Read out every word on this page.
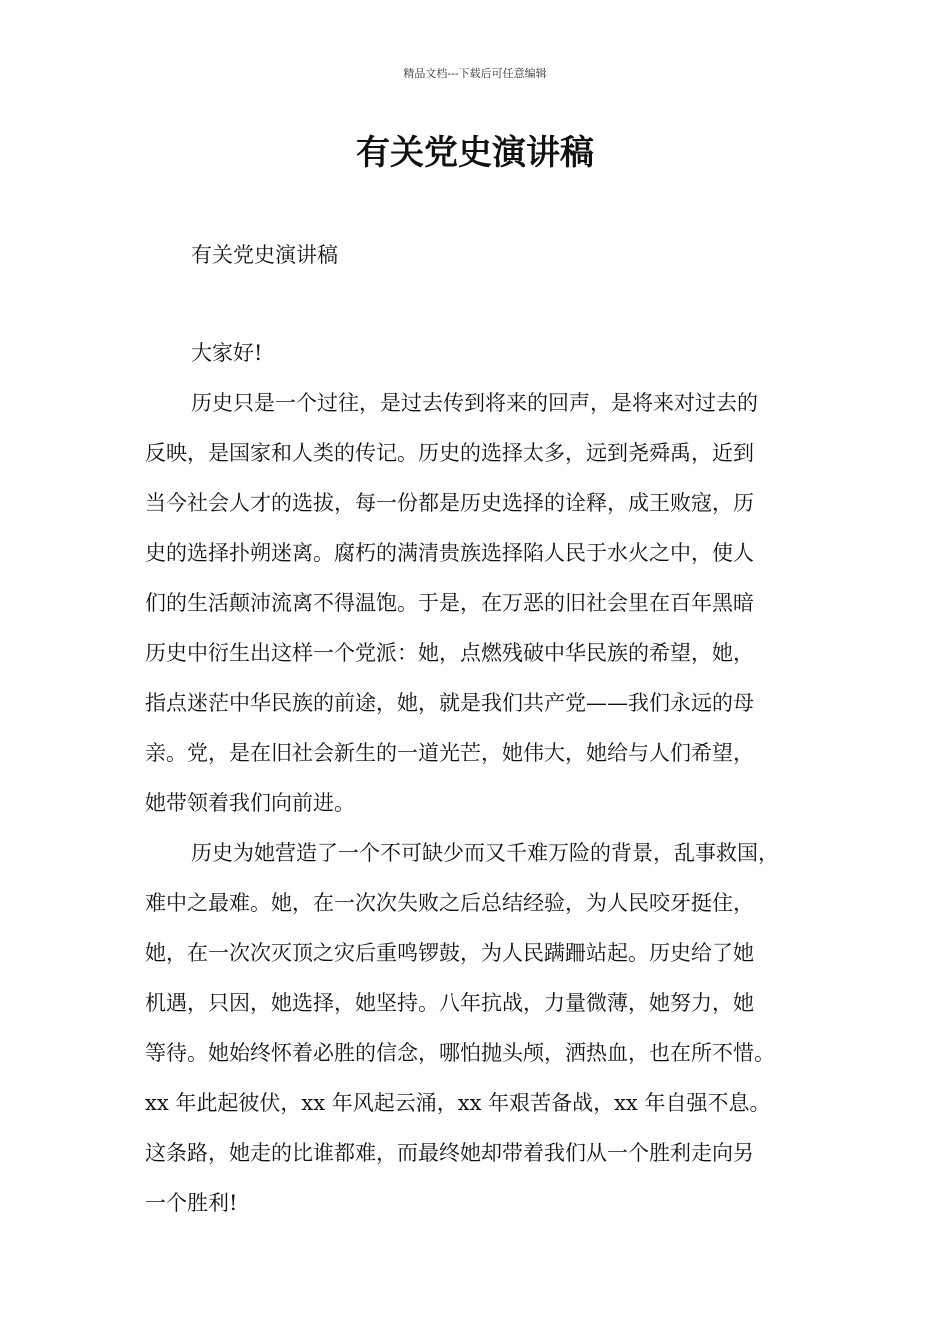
精品文档---下载后可任意编辑
有关党史演讲稿

有关党史演讲稿

大家好!

历史只是一个过往，是过去传到将来的回声，是将来对过去的
反映，是国家和人类的传记。历史的选择太多，远到尧舜禹，近到
当今社会人才的选拔，每一份都是历史选择的诠释，成王败寇，历
史的选择扑朔迷离。腐朽的满清贵族选择陷人民于水火之中，使人
们的生活颠沛流离不得温饱。于是，在万恶的旧社会里在百年黑暗
历史中衍生出这样一个党派：她，点燃残破中华民族的希望，她，
指点迷茫中华民族的前途，她，就是我们共产党——我们永远的母
亲。党，是在旧社会新生的一道光芒，她伟大，她给与人们希望，
她带领着我们向前进。

历史为她营造了一个不可缺少而又千难万险的背景，乱事救国，
难中之最难。她，在一次次失败之后总结经验，为人民咬牙挺住，
她，在一次次灭顶之灾后重鸣锣鼓，为人民蹒跚站起。历史给了她
机遇，只因，她选择，她坚持。八年抗战，力量微薄，她努力，她
等待。她始终怀着必胜的信念，哪怕抛头颅，洒热血，也在所不惜。
xx 年此起彼伏，xx 年风起云涌，xx 年艰苦备战，xx 年自强不息。
这条路，她走的比谁都难，而最终她却带着我们从一个胜利走向另
一个胜利!
